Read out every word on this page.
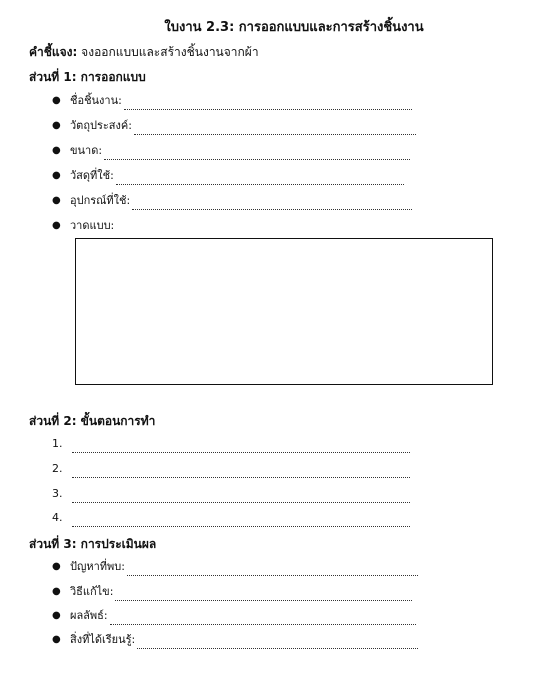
ใบงาน 2.3: การออกแบบและการสร้างชิ้นงาน
คำชี้แจง: จงออกแบบและสร้างชิ้นงานจากผ้า
ส่วนที่ 1: การออกแบบ
● ชื่อชิ้นงาน:
● วัตถุประสงค์:
● ขนาด:
● วัสดุที่ใช้:
● อุปกรณ์ที่ใช้:
● วาดแบบ:
ส่วนที่ 2: ขั้นตอนการทำ
1.
2.
3.
4.
ส่วนที่ 3: การประเมินผล
● ปัญหาที่พบ:
● วิธีแก้ไข:
● ผลลัพธ์:
● สิ่งที่ได้เรียนรู้:
